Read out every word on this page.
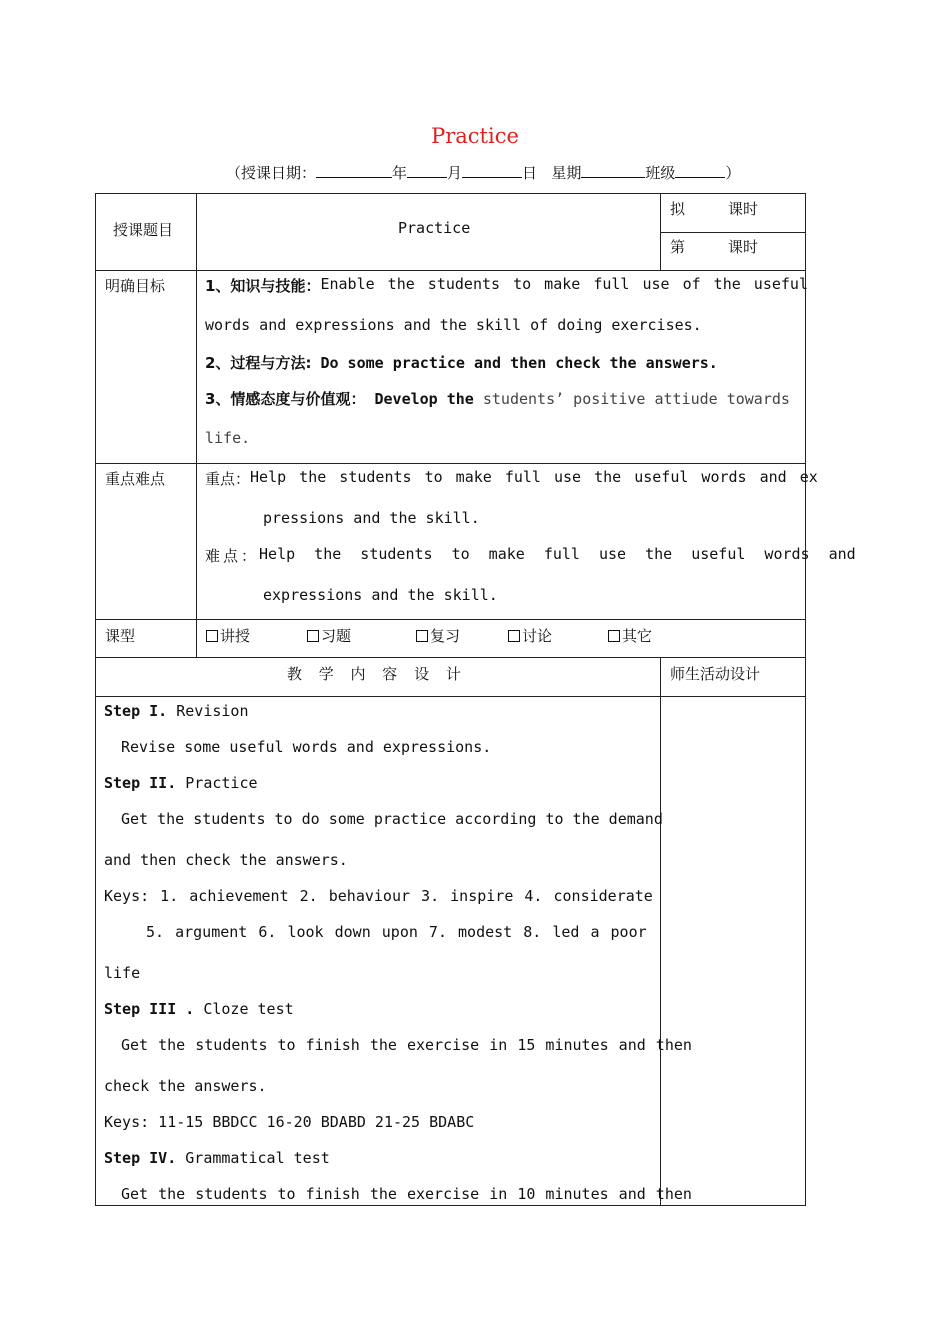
Practice
（授课日期：	年	月	日 星期	班级	）
授课题目	Practice
拟	课时
第	课时
明确目标	1、知识与技能： Enable the students to make full use of the useful
words and expressions and the skill of doing exercises.
2、过程与方法: Do some practice and then check the answers.
3、情感态度与价值观： Develop the students’ positive attiude towards
life.
重点难点	重点： Help the students to make full use the useful words and ex
pressions and the skill.
难点： Help the students to make full use the useful words and
expressions and the skill.
课型	讲授	习题	复习	讨论	其它
教 学 内 容 设 计	师生活动设计
Step I. Revision
Revise some useful words and expressions.
Step II. Practice
Get the students to do some practice according to the demand
and then check the answers.
Keys: 1. achievement 2. behaviour 3. inspire 4. considerate
5. argument 6. look down upon 7. modest 8. led a poor
life
Step III . Cloze test
Get the students to finish the exercise in 15 minutes and then
check the answers.
Keys: 11-15 BBDCC 16-20 BDABD 21-25 BDABC
Step IV. Grammatical test
Get the students to finish the exercise in 10 minutes and then
